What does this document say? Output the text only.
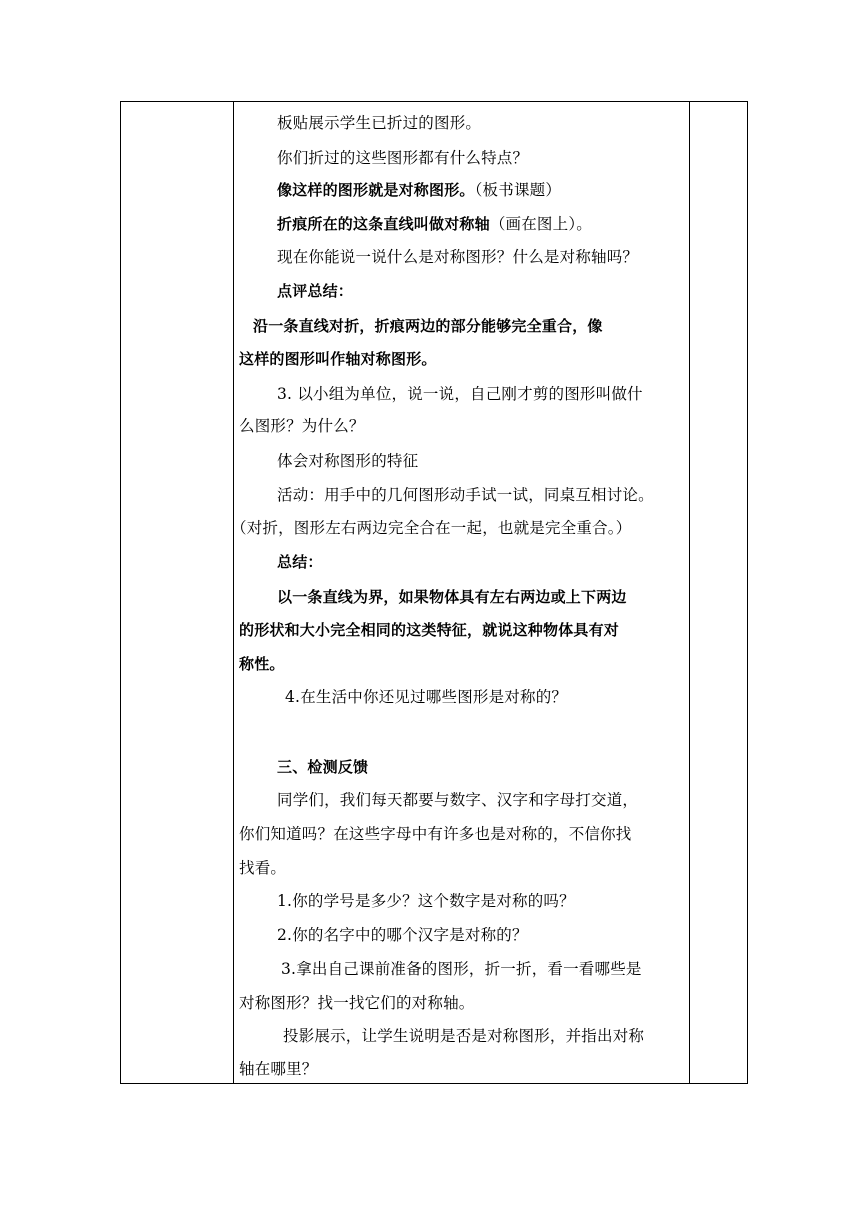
板贴展示学生已折过的图形。
你们折过的这些图形都有什么特点？
像这样的图形就是对称图形。（板书课题）
折痕所在的这条直线叫做对称轴（画在图上）。
现在你能说一说什么是对称图形？什么是对称轴吗？
点评总结：
沿一条直线对折，折痕两边的部分能够完全重合，像
这样的图形叫作轴对称图形。
3. 以小组为单位，说一说，自己刚才剪的图形叫做什
么图形？为什么？
体会对称图形的特征
活动：用手中的几何图形动手试一试，同桌互相讨论。
（对折，图形左右两边完全合在一起，也就是完全重合。）
总结：
以一条直线为界，如果物体具有左右两边或上下两边
的形状和大小完全相同的这类特征，就说这种物体具有对
称性。
4.在生活中你还见过哪些图形是对称的？
三、检测反馈
同学们，我们每天都要与数字、汉字和字母打交道，
你们知道吗？在这些字母中有许多也是对称的，不信你找
找看。
1.你的学号是多少？这个数字是对称的吗？
2.你的名字中的哪个汉字是对称的？
3.拿出自己课前准备的图形，折一折，看一看哪些是
对称图形？找一找它们的对称轴。
投影展示，让学生说明是否是对称图形，并指出对称
轴在哪里？
